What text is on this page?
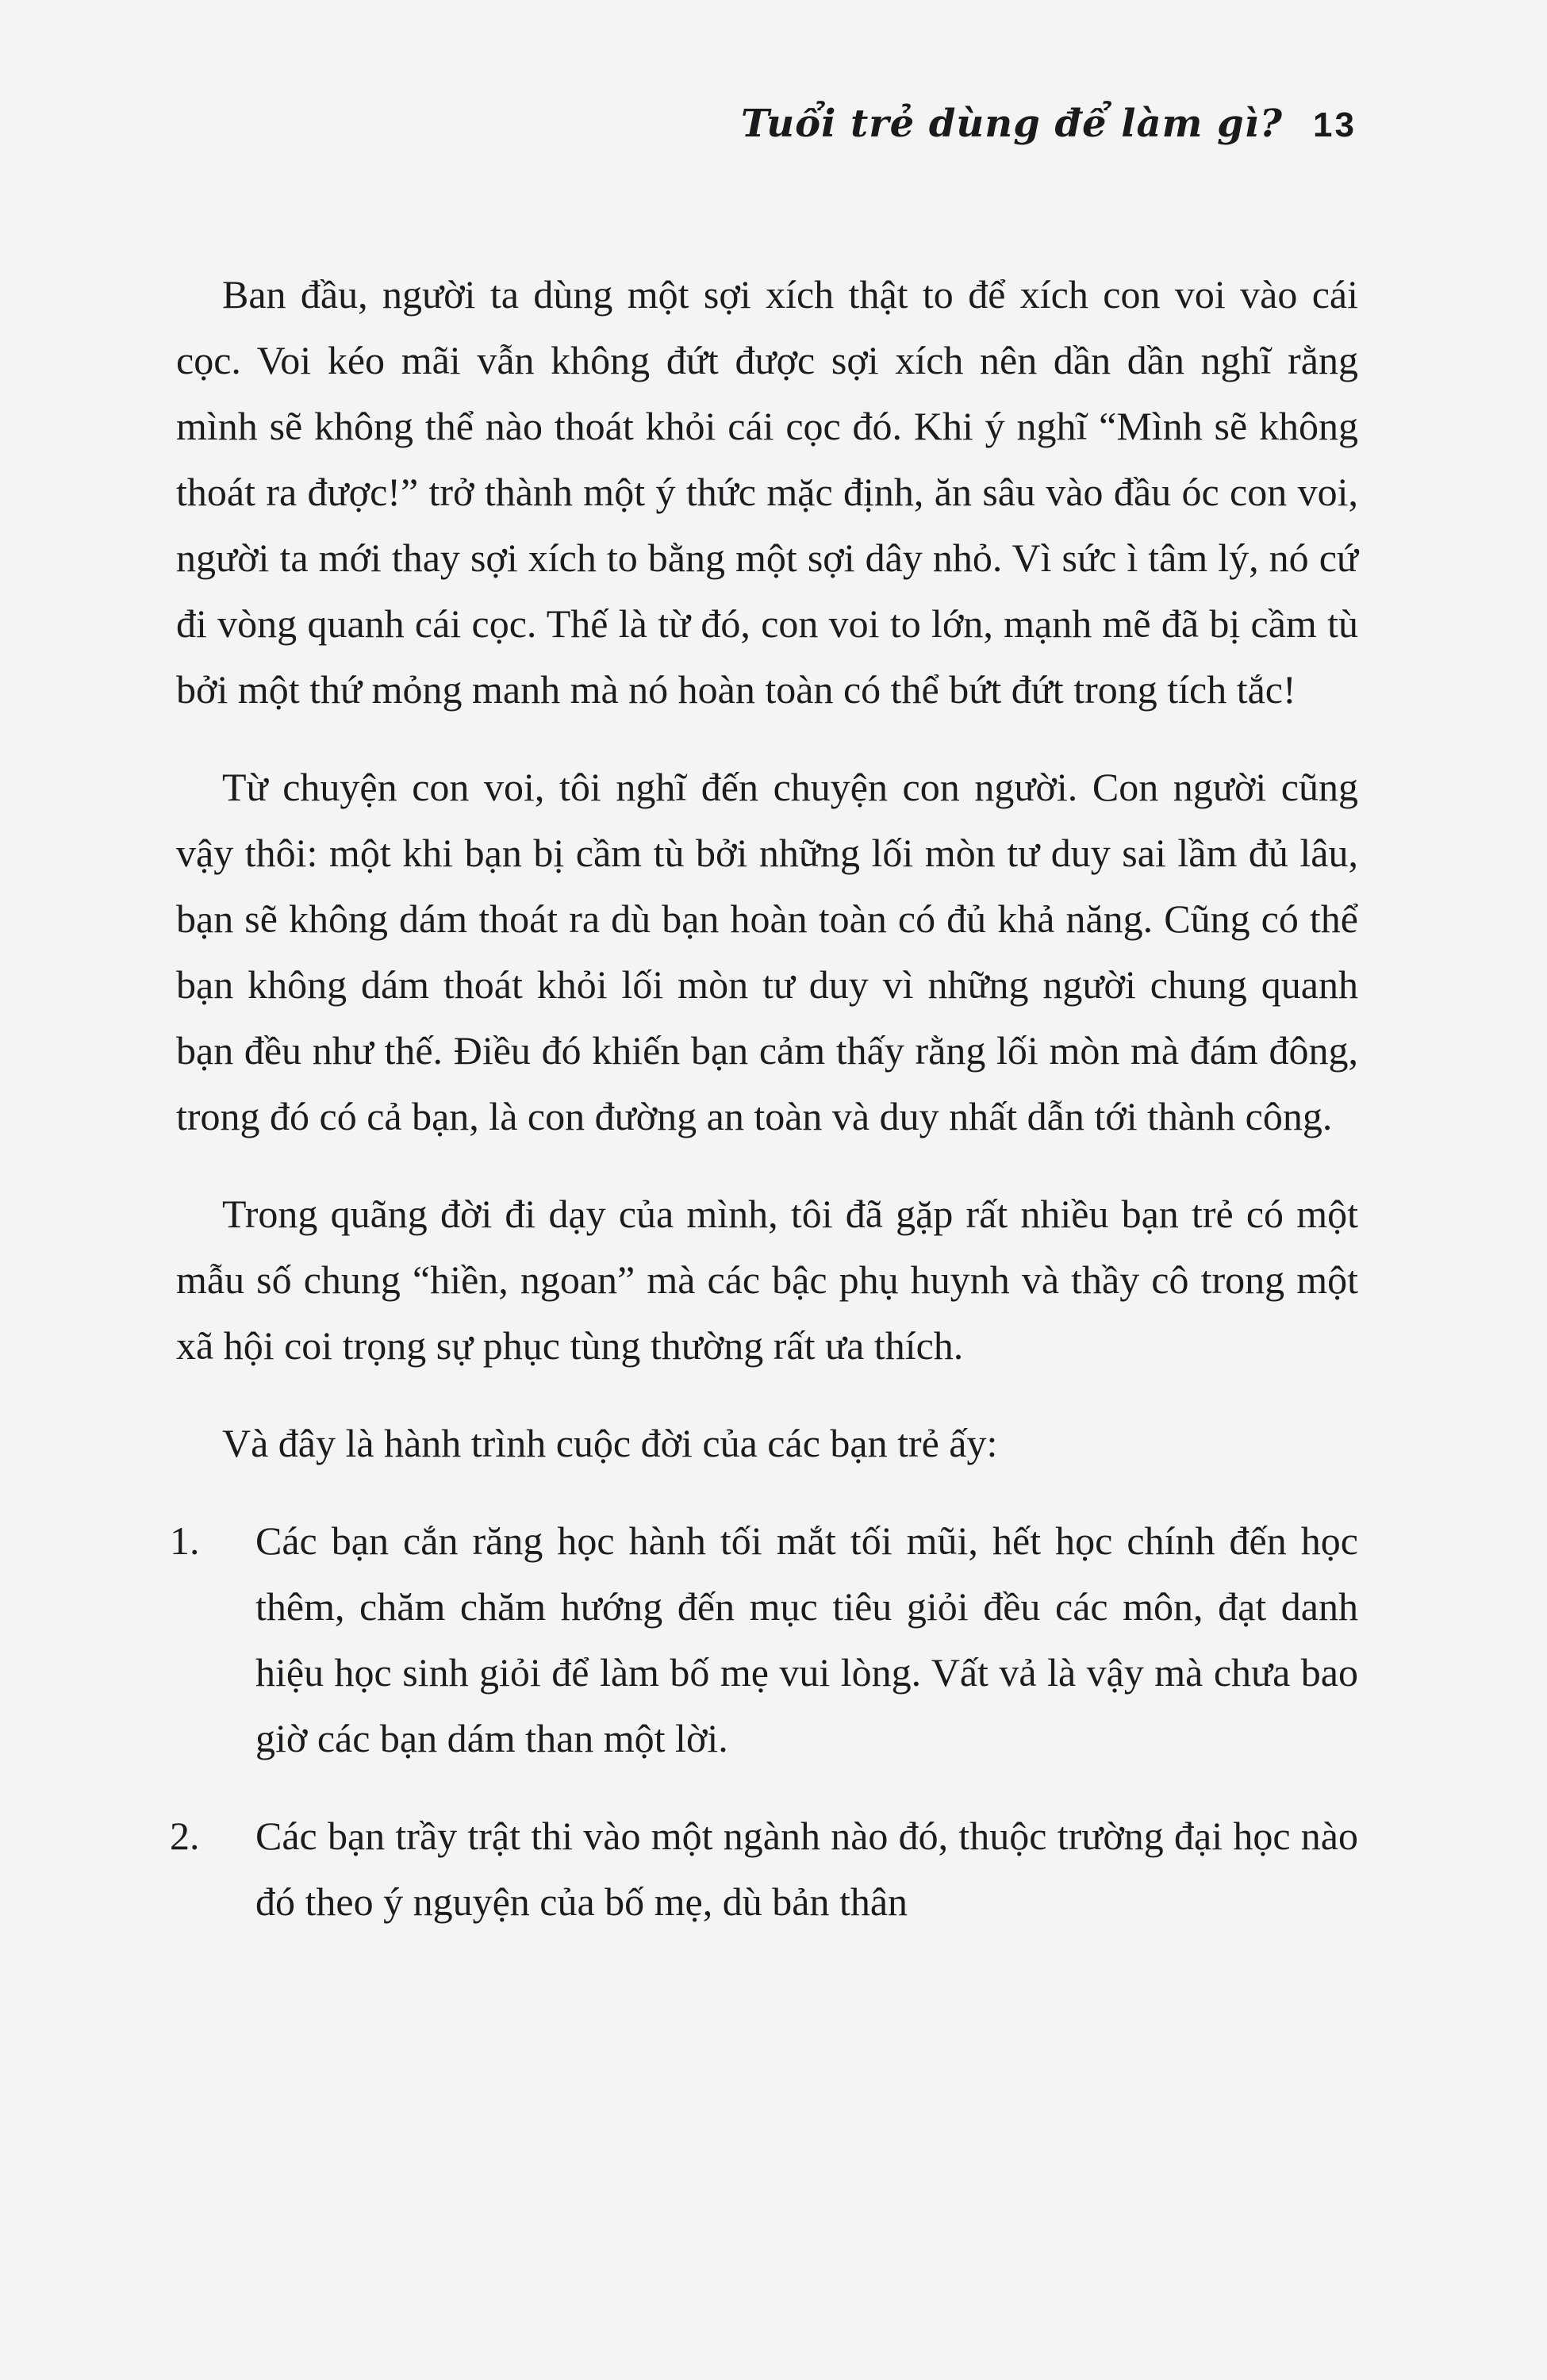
Tuổi trẻ dùng để làm gì? 13

Ban đầu, người ta dùng một sợi xích thật to để xích con voi vào cái cọc. Voi kéo mãi vẫn không đứt được sợi xích nên dần dần nghĩ rằng mình sẽ không thể nào thoát khỏi cái cọc đó. Khi ý nghĩ “Mình sẽ không thoát ra được!” trở thành một ý thức mặc định, ăn sâu vào đầu óc con voi, người ta mới thay sợi xích to bằng một sợi dây nhỏ. Vì sức ì tâm lý, nó cứ đi vòng quanh cái cọc. Thế là từ đó, con voi to lớn, mạnh mẽ đã bị cầm tù bởi một thứ mỏng manh mà nó hoàn toàn có thể bứt đứt trong tích tắc!

Từ chuyện con voi, tôi nghĩ đến chuyện con người. Con người cũng vậy thôi: một khi bạn bị cầm tù bởi những lối mòn tư duy sai lầm đủ lâu, bạn sẽ không dám thoát ra dù bạn hoàn toàn có đủ khả năng. Cũng có thể bạn không dám thoát khỏi lối mòn tư duy vì những người chung quanh bạn đều như thế. Điều đó khiến bạn cảm thấy rằng lối mòn mà đám đông, trong đó có cả bạn, là con đường an toàn và duy nhất dẫn tới thành công.

Trong quãng đời đi dạy của mình, tôi đã gặp rất nhiều bạn trẻ có một mẫu số chung “hiền, ngoan” mà các bậc phụ huynh và thầy cô trong một xã hội coi trọng sự phục tùng thường rất ưa thích.

Và đây là hành trình cuộc đời của các bạn trẻ ấy:

1.	Các bạn cắn răng học hành tối mắt tối mũi, hết học chính đến học thêm, chăm chăm hướng đến mục tiêu giỏi đều các môn, đạt danh hiệu học sinh giỏi để làm bố mẹ vui lòng. Vất vả là vậy mà chưa bao giờ các bạn dám than một lời.
2.	Các bạn trầy trật thi vào một ngành nào đó, thuộc trường đại học nào đó theo ý nguyện của bố mẹ, dù bản thân
